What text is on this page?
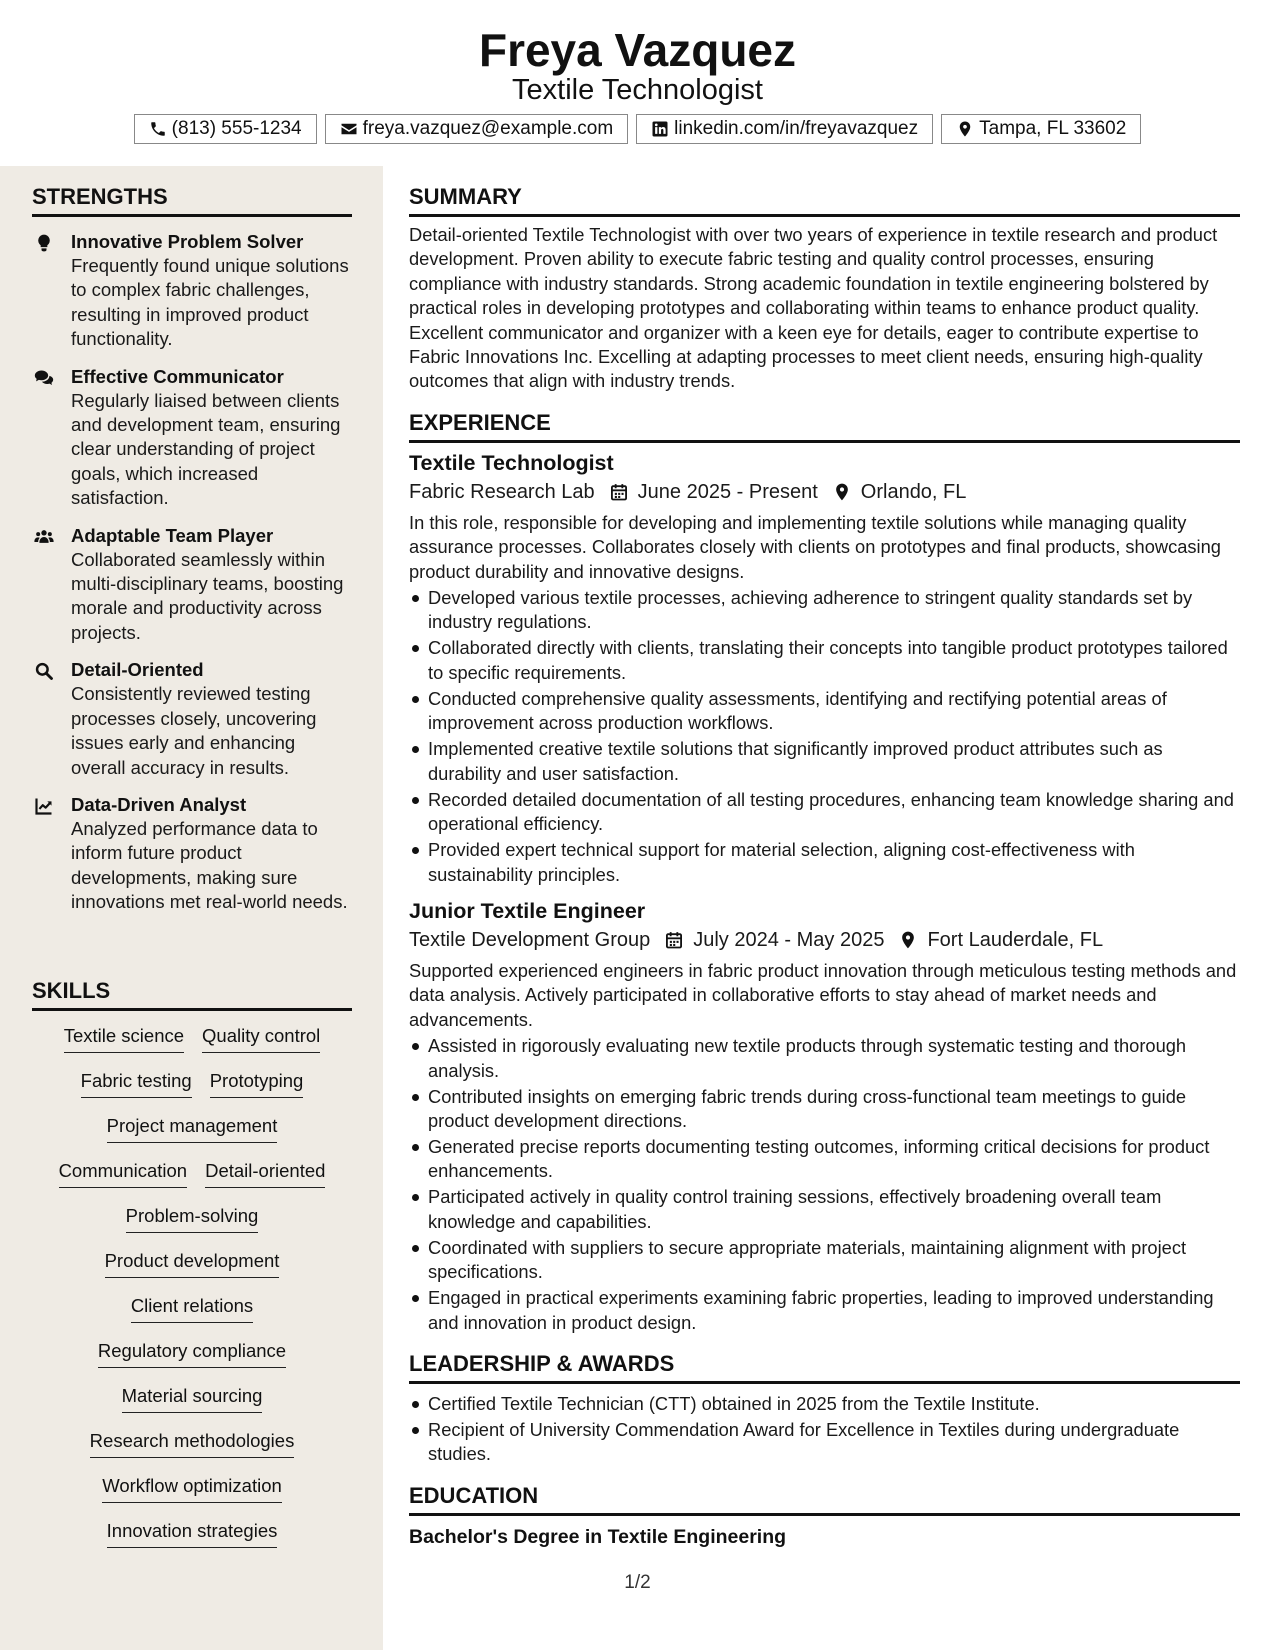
Freya Vazquez
Textile Technologist
(813) 555-1234	freya.vazquez@example.com	linkedin.com/in/freyavazquez	Tampa, FL 33602
STRENGTHS
Innovative Problem Solver
Frequently found unique solutions to complex fabric challenges, resulting in improved product functionality.
Effective Communicator
Regularly liaised between clients and development team, ensuring clear understanding of project goals, which increased satisfaction.
Adaptable Team Player
Collaborated seamlessly within multi-disciplinary teams, boosting morale and productivity across projects.
Detail-Oriented
Consistently reviewed testing processes closely, uncovering issues early and enhancing overall accuracy in results.
Data-Driven Analyst
Analyzed performance data to inform future product developments, making sure innovations met real-world needs.
SKILLS
Textile science Quality control
Fabric testing Prototyping
Project management
Communication Detail-oriented
Problem-solving
Product development
Client relations
Regulatory compliance
Material sourcing
Research methodologies
Workflow optimization
Innovation strategies
SUMMARY
Detail-oriented Textile Technologist with over two years of experience in textile research and product development. Proven ability to execute fabric testing and quality control processes, ensuring compliance with industry standards. Strong academic foundation in textile engineering bolstered by practical roles in developing prototypes and collaborating within teams to enhance product quality. Excellent communicator and organizer with a keen eye for details, eager to contribute expertise to Fabric Innovations Inc. Excelling at adapting processes to meet client needs, ensuring high-quality outcomes that align with industry trends.
EXPERIENCE
Textile Technologist
Fabric Research Lab June 2025 - Present Orlando, FL
In this role, responsible for developing and implementing textile solutions while managing quality assurance processes. Collaborates closely with clients on prototypes and final products, showcasing product durability and innovative designs.
Developed various textile processes, achieving adherence to stringent quality standards set by industry regulations.
Collaborated directly with clients, translating their concepts into tangible product prototypes tailored to specific requirements.
Conducted comprehensive quality assessments, identifying and rectifying potential areas of improvement across production workflows.
Implemented creative textile solutions that significantly improved product attributes such as durability and user satisfaction.
Recorded detailed documentation of all testing procedures, enhancing team knowledge sharing and operational efficiency.
Provided expert technical support for material selection, aligning cost-effectiveness with sustainability principles.
Junior Textile Engineer
Textile Development Group July 2024 - May 2025 Fort Lauderdale, FL
Supported experienced engineers in fabric product innovation through meticulous testing methods and data analysis. Actively participated in collaborative efforts to stay ahead of market needs and advancements.
Assisted in rigorously evaluating new textile products through systematic testing and thorough analysis.
Contributed insights on emerging fabric trends during cross-functional team meetings to guide product development directions.
Generated precise reports documenting testing outcomes, informing critical decisions for product enhancements.
Participated actively in quality control training sessions, effectively broadening overall team knowledge and capabilities.
Coordinated with suppliers to secure appropriate materials, maintaining alignment with project specifications.
Engaged in practical experiments examining fabric properties, leading to improved understanding and innovation in product design.
LEADERSHIP & AWARDS
Certified Textile Technician (CTT) obtained in 2025 from the Textile Institute.
Recipient of University Commendation Award for Excellence in Textiles during undergraduate studies.
EDUCATION
Bachelor's Degree in Textile Engineering
1/2
